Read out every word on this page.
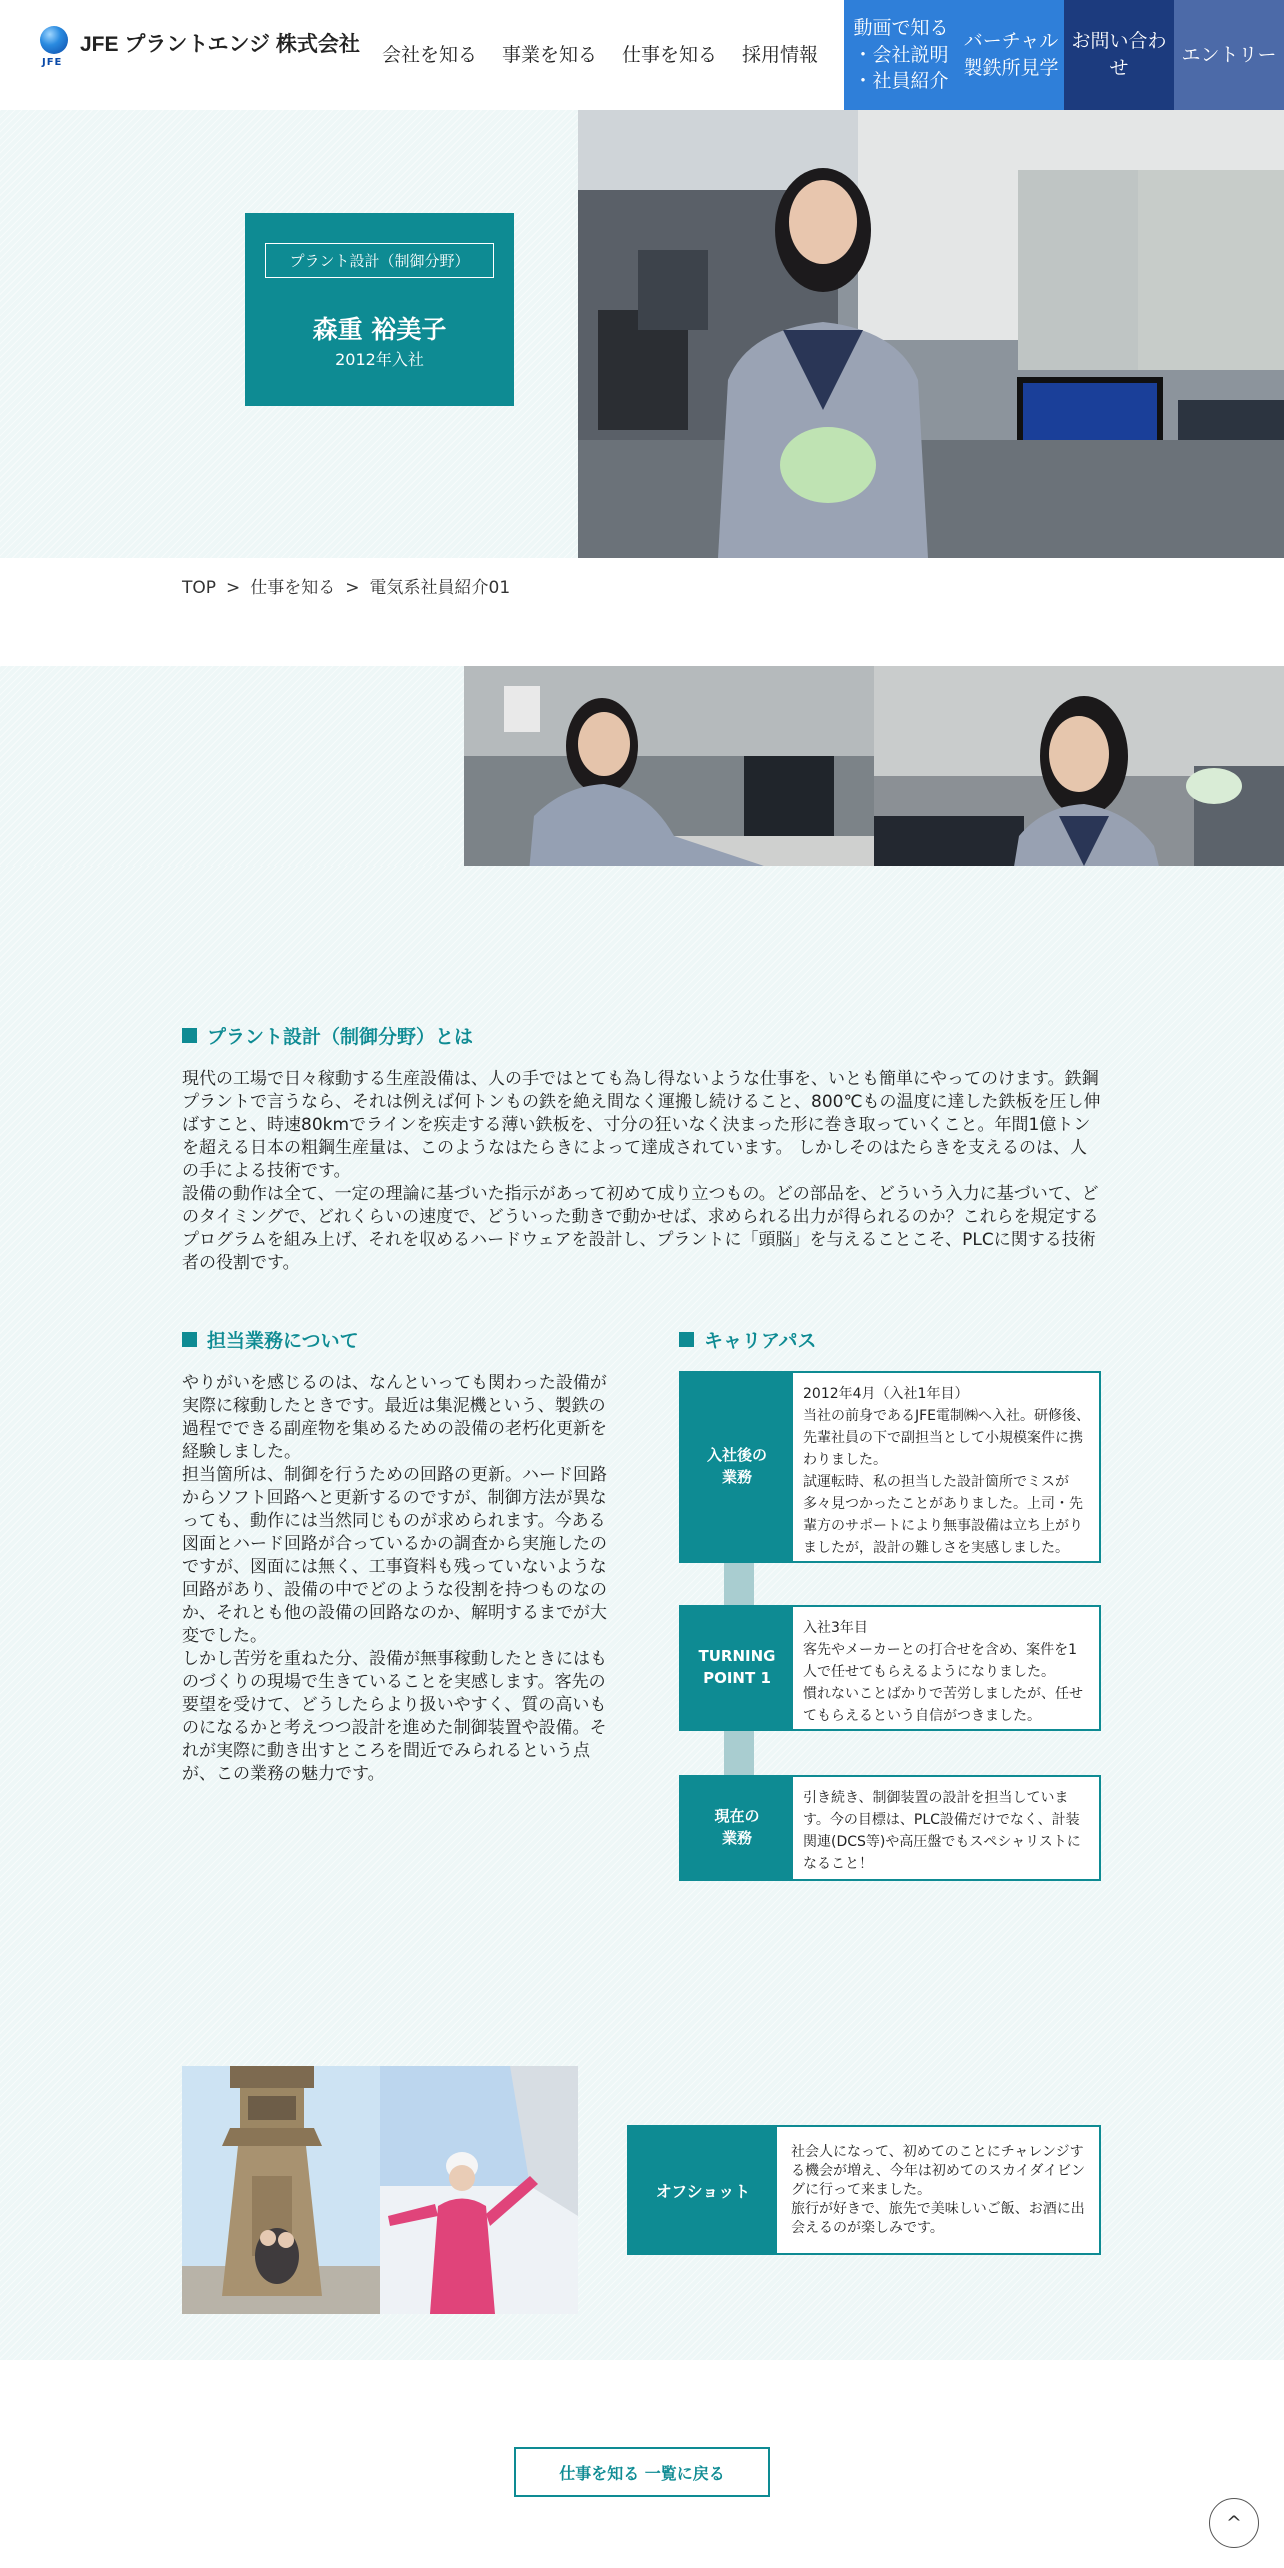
JFE
JFE プラントエンジ 株式会社 会社を知る 事業を知る 仕事を知る 採用情報
動画で知る
・会社説明
・社員紹介
バーチャル
製鉄所見学
お問い合わせ
エントリー
プラント設計（制御分野）
森重 裕美子
2012年入社
TOP > 仕事を知る > 電気系社員紹介01
プラント設計（制御分野）とは
現代の工場で日々稼動する生産設備は、人の手ではとても為し得ないような仕事を、いとも簡単にやってのけます。鉄鋼プラントで言うなら、それは例えば何トンもの鉄を絶え間なく運搬し続けること、800℃もの温度に達した鉄板を圧し伸ばすこと、時速80kmでラインを疾走する薄い鉄板を、寸分の狂いなく決まった形に巻き取っていくこと。年間1億トンを超える日本の粗鋼生産量は、このようなはたらきによって達成されています。 しかしそのはたらきを支えるのは、人の手による技術です。
設備の動作は全て、一定の理論に基づいた指示があって初めて成り立つもの。どの部品を、どういう入力に基づいて、どのタイミングで、どれくらいの速度で、どういった動きで動かせば、求められる出力が得られるのか？これらを規定するプログラムを組み上げ、それを収めるハードウェアを設計し、プラントに「頭脳」を与えることこそ、PLCに関する技術者の役割です。
担当業務について
やりがいを感じるのは、なんといっても関わった設備が実際に稼動したときです。最近は集泥機という、製鉄の過程でできる副産物を集めるための設備の老朽化更新を経験しました。
担当箇所は、制御を行うための回路の更新。ハード回路からソフト回路へと更新するのですが、制御方法が異なっても、動作には当然同じものが求められます。今ある図面とハード回路が合っているかの調査から実施したのですが、図面には無く、工事資料も残っていないような回路があり、設備の中でどのような役割を持つものなのか、それとも他の設備の回路なのか、解明するまでが大変でした。
しかし苦労を重ねた分、設備が無事稼動したときにはものづくりの現場で生きていることを実感します。客先の要望を受けて、どうしたらより扱いやすく、質の高いものになるかと考えつつ設計を進めた制御装置や設備。それが実際に動き出すところを間近でみられるという点が、この業務の魅力です。
キャリアパス
入社後の
業務
2012年4月（入社1年目）
当社の前身であるJFE電制㈱へ入社。研修後、先輩社員の下で副担当として小規模案件に携わりました。
試運転時、私の担当した設計箇所でミスが多々見つかったことがありました。上司・先輩方のサポートにより無事設備は立ち上がりましたが，設計の難しさを実感しました。
TURNING
POINT 1
入社3年目
客先やメーカーとの打合せを含め、案件を1人で任せてもらえるようになりました。
慣れないことばかりで苦労しましたが、任せてもらえるという自信がつきました。
現在の
業務
引き続き、制御装置の設計を担当しています。今の目標は、PLC設備だけでなく、計装関連(DCS等)や高圧盤でもスペシャリストになること！
オフショット
社会人になって、初めてのことにチャレンジする機会が増え、今年は初めてのスカイダイビングに行って来ました。
旅行が好きで、旅先で美味しいご飯、お酒に出会えるのが楽しみです。
仕事を知る 一覧に戻る
^
